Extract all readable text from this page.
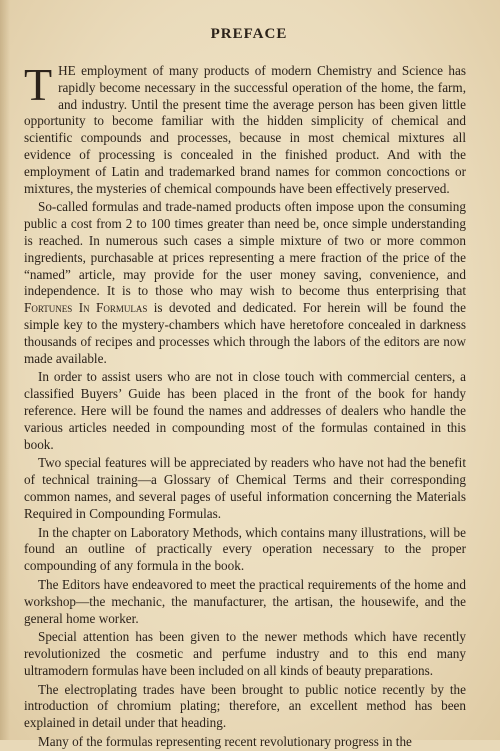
PREFACE

THE employment of many products of modern Chemistry and Science has rapidly become necessary in the successful operation of the home, the farm, and industry. Until the present time the average person has been given little opportunity to become familiar with the hidden simplicity of chemical and scientific compounds and processes, because in most chemical mixtures all evidence of processing is concealed in the finished product. And with the employment of Latin and trademarked brand names for common concoctions or mixtures, the mysteries of chemical compounds have been effectively preserved.

So-called formulas and trade-named products often impose upon the consuming public a cost from 2 to 100 times greater than need be, once simple understanding is reached. In numerous such cases a simple mixture of two or more common ingredients, purchasable at prices representing a mere fraction of the price of the “named” article, may provide for the user money saving, convenience, and independence. It is to those who may wish to become thus enterprising that Fortunes In Formulas is devoted and dedicated. For herein will be found the simple key to the mystery-chambers which have heretofore concealed in darkness thousands of recipes and processes which through the labors of the editors are now made available.

In order to assist users who are not in close touch with commercial centers, a classified Buyers’ Guide has been placed in the front of the book for handy reference. Here will be found the names and addresses of dealers who handle the various articles needed in compounding most of the formulas contained in this book.

Two special features will be appreciated by readers who have not had the benefit of technical training—a Glossary of Chemical Terms and their corresponding common names, and several pages of useful information concerning the Materials Required in Compounding Formulas.

In the chapter on Laboratory Methods, which contains many illustrations, will be found an outline of practically every operation necessary to the proper compounding of any formula in the book.

The Editors have endeavored to meet the practical requirements of the home and workshop—the mechanic, the manufacturer, the artisan, the housewife, and the general home worker.

Special attention has been given to the newer methods which have recently revolutionized the cosmetic and perfume industry and to this end many ultramodern formulas have been included on all kinds of beauty preparations.

The electroplating trades have been brought to public notice recently by the introduction of chromium plating; therefore, an excellent method has been explained in detail under that heading.

Many of the formulas representing recent revolutionary progress in the
